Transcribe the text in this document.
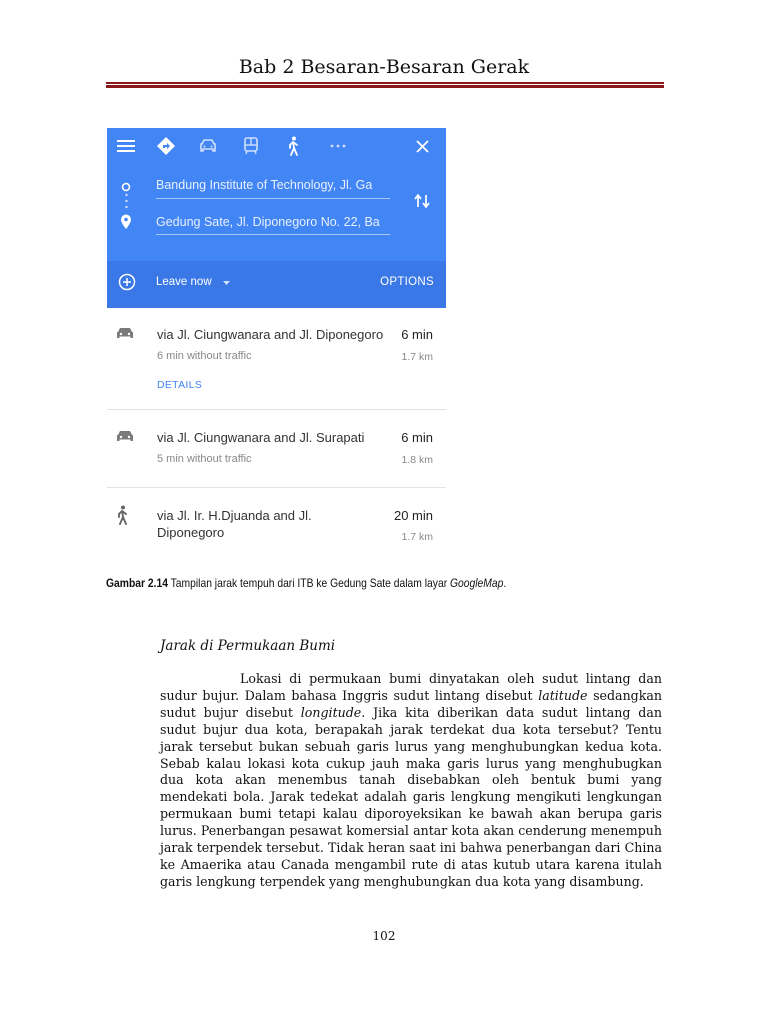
Bab 2 Besaran-Besaran Gerak
Bandung Institute of Technology, Jl. Ga
Gedung Sate, Jl. Diponegoro No. 22, Ba
Leave now	OPTIONS
via Jl. Ciungwanara and Jl. Diponegoro
6 min without traffic
6 min
1.7 km
DETAILS
via Jl. Ciungwanara and Jl. Surapati
5 min without traffic
6 min
1.8 km
via Jl. Ir. H.Djuanda and Jl.
Diponegoro
20 min
1.7 km
Gambar 2.14 Tampilan jarak tempuh dari ITB ke Gedung Sate dalam layar GoogleMap.
Jarak di Permukaan Bumi

Lokasi di permukaan bumi dinyatakan oleh sudut lintang dan sudur bujur. Dalam bahasa Inggris sudut lintang disebut latitude sedangkan sudut bujur disebut longitude. Jika kita diberikan data sudut lintang dan sudut bujur dua kota, berapakah jarak terdekat dua kota tersebut? Tentu jarak tersebut bukan sebuah garis lurus yang menghubungkan kedua kota. Sebab kalau lokasi kota cukup jauh maka garis lurus yang menghubugkan dua kota akan menembus tanah disebabkan oleh bentuk bumi yang mendekati bola. Jarak tedekat adalah garis lengkung mengikuti lengkungan permukaan bumi tetapi kalau diporoyeksikan ke bawah akan berupa garis lurus. Penerbangan pesawat komersial antar kota akan cenderung menempuh jarak terpendek tersebut. Tidak heran saat ini bahwa penerbangan dari China ke Amaerika atau Canada mengambil rute di atas kutub utara karena itulah garis lengkung terpendek yang menghubungkan dua kota yang disambung.

102
